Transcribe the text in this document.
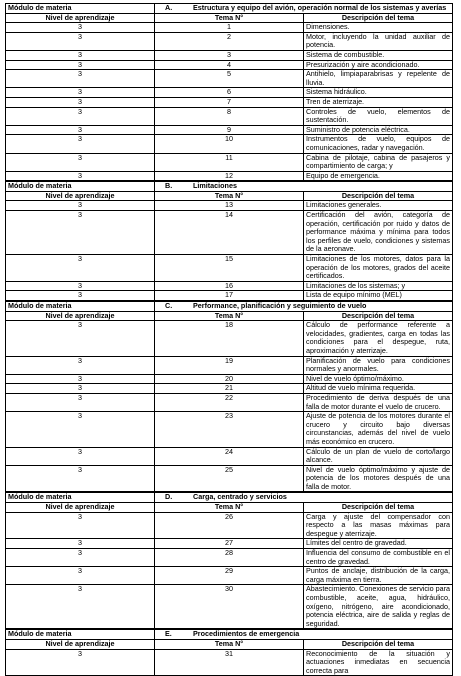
Módulo de materia	A. Estructura y equipo del avión, operación normal de los sistemas y averías	
Nivel de aprendizaje	Tema N°	Descripción del tema
3	1	Dimensiones.
3	2	Motor, incluyendo la unidad auxiliar de potencia.
3	3	Sistema de combustible.
3	4	Presurización y aire acondicionado.
3	5	Antihielo, limpiaparabrisas y repelente de lluvia.
3	6	Sistema hidráulico.
3	7	Tren de aterrizaje.
3	8	Controles de vuelo, elementos de sustentación.
3	9	Suministro de potencia eléctrica.
3	10	Instrumentos de vuelo, equipos de comunicaciones, radar y navegación.
3	11	Cabina de pilotaje, cabina de pasajeros y compartimiento de carga; y
3	12	Equipo de emergencia.
Módulo de materia	B. Limitaciones	
Nivel de aprendizaje	Tema N°	Descripción del tema
3	13	Limitaciones generales.
3	14	Certificación del avión, categoría de operación, certificación por ruido y datos de performance máxima y mínima para todos los perfiles de vuelo, condiciones y sistemas de la aeronave.
3	15	Limitaciones de los motores, datos para la operación de los motores, grados del aceite certificados.
3	16	Limitaciones de los sistemas; y
3	17	Lista de equipo mínimo (MEL)
Módulo de materia	C. Performance, planificación y seguimiento de vuelo	
Nivel de aprendizaje	Tema N°	Descripción del tema
3	18	Cálculo de performance referente a velocidades, gradientes, carga en todas las condiciones para el despegue, ruta, aproximación y aterrizaje.
3	19	Planificación de vuelo para condiciones normales y anormales.
3	20	Nivel de vuelo óptimo/máximo.
3	21	Altitud de vuelo mínima requerida.
3	22	Procedimiento de deriva después de una falla de motor durante el vuelo de crucero.
3	23	Ajuste de potencia de los motores durante el crucero y circuito bajo diversas circunstancias, además del nivel de vuelo más económico en crucero.
3	24	Cálculo de un plan de vuelo de corto/largo alcance.
3	25	Nivel de vuelo óptimo/máximo y ajuste de potencia de los motores después de una falla de motor.
Módulo de materia	D. Carga, centrado y servicios	
Nivel de aprendizaje	Tema N°	Descripción del tema
3	26	Carga y ajuste del compensador con respecto a las masas máximas para despegue y aterrizaje.
3	27	Límites del centro de gravedad.
3	28	Influencia del consumo de combustible en el centro de gravedad.
3	29	Puntos de anclaje, distribución de la carga, carga máxima en tierra.
3	30	Abastecimiento. Conexiones de servicio para combustible, aceite, agua, hidráulico, oxígeno, nitrógeno, aire acondicionado, potencia eléctrica, aire de salida y reglas de seguridad.
Módulo de materia	E. Procedimientos de emergencia	
Nivel de aprendizaje	Tema N°	Descripción del tema
3	31	Reconocimiento de la situación y actuaciones inmediatas en secuencia correcta para
